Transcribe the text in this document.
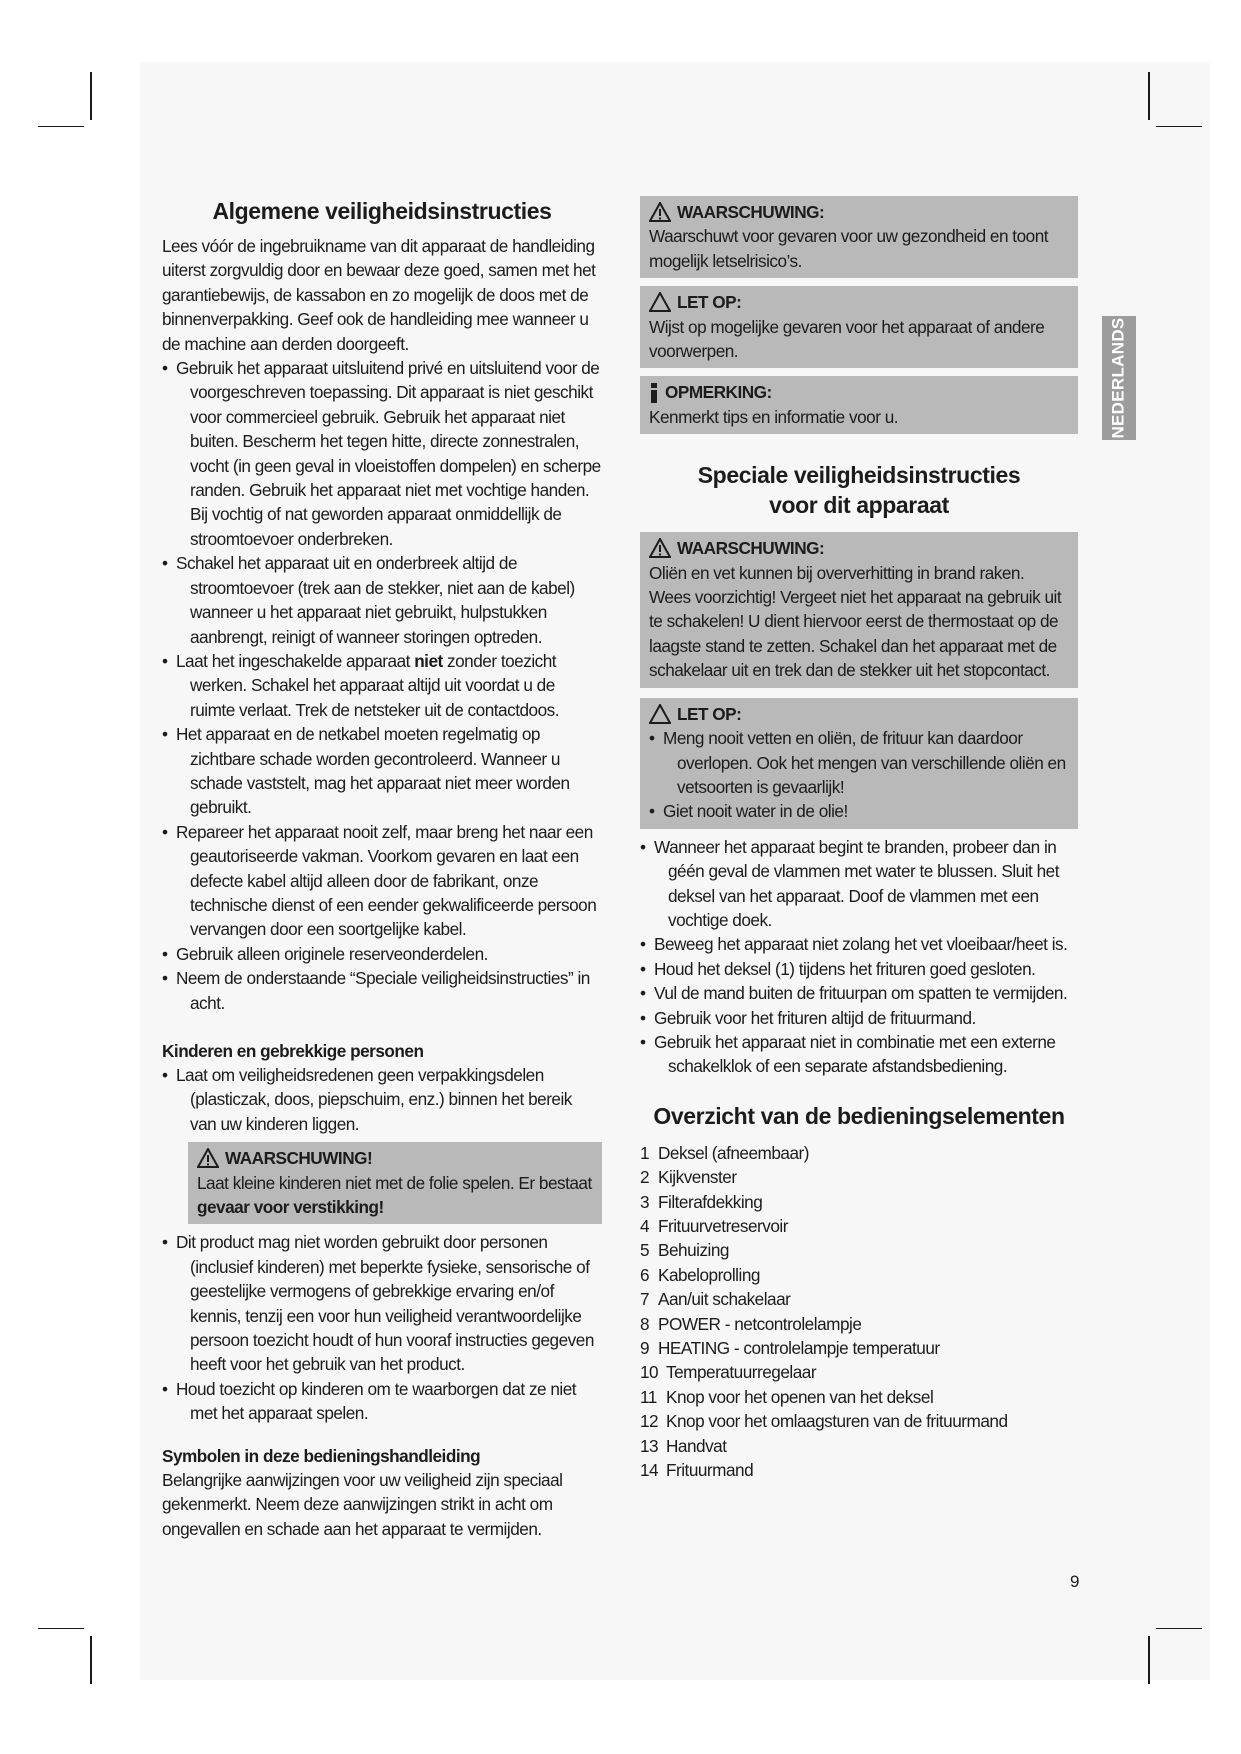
Algemene veiligheidsinstructies

Lees vóór de ingebruikname van dit apparaat de handleiding uiterst zorgvuldig door en bewaar deze goed, samen met het garantiebewijs, de kassabon en zo mogelijk de doos met de binnenverpakking. Geef ook de handleiding mee wanneer u de machine aan derden doorgeeft.

• Gebruik het apparaat uitsluitend privé en uitsluitend voor de voorgeschreven toepassing. Dit apparaat is niet geschikt voor commercieel gebruik. Gebruik het apparaat niet buiten. Bescherm het tegen hitte, directe zonnestralen, vocht (in geen geval in vloeistoffen dompelen) en scherpe randen. Gebruik het apparaat niet met vochtige handen. Bij vochtig of nat geworden apparaat onmiddellijk de stroomtoevoer onderbreken.
• Schakel het apparaat uit en onderbreek altijd de stroomtoevoer (trek aan de stekker, niet aan de kabel) wanneer u het apparaat niet gebruikt, hulpstukken aanbrengt, reinigt of wanneer storingen optreden.
• Laat het ingeschakelde apparaat niet zonder toezicht werken. Schakel het apparaat altijd uit voordat u de ruimte verlaat. Trek de netsteker uit de contactdoos.
• Het apparaat en de netkabel moeten regelmatig op zichtbare schade worden gecontroleerd. Wanneer u schade vaststelt, mag het apparaat niet meer worden gebruikt.
• Repareer het apparaat nooit zelf, maar breng het naar een geautoriseerde vakman. Voorkom gevaren en laat een defecte kabel altijd alleen door de fabrikant, onze technische dienst of een eender gekwalificeerde persoon vervangen door een soortgelijke kabel.
• Gebruik alleen originele reserveonderdelen.
• Neem de onderstaande “Speciale veiligheidsinstructies” in acht.
Kinderen en gebrekkige personen
• Laat om veiligheidsredenen geen verpakkingsdelen (plasticzak, doos, piepschuim, enz.) binnen het bereik van uw kinderen liggen.
WAARSCHUWING!

Laat kleine kinderen niet met de folie spelen. Er bestaat gevaar voor verstikking!

• Dit product mag niet worden gebruikt door personen (inclusief kinderen) met beperkte fysieke, sensorische of geestelijke vermogens of gebrekkige ervaring en/of kennis, tenzij een voor hun veiligheid verantwoordelijke persoon toezicht houdt of hun vooraf instructies gegeven heeft voor het gebruik van het product.
• Houd toezicht op kinderen om te waarborgen dat ze niet met het apparaat spelen.
Symbolen in deze bedieningshandleiding

Belangrijke aanwijzingen voor uw veiligheid zijn speciaal gekenmerkt. Neem deze aanwijzingen strikt in acht om ongevallen en schade aan het apparaat te vermijden.

WAARSCHUWING:

Waarschuwt voor gevaren voor uw gezondheid en toont mogelijk letselrisico’s.

LET OP:

Wijst op mogelijke gevaren voor het apparaat of andere voorwerpen.

OPMERKING:

Kenmerkt tips en informatie voor u.

Speciale veiligheidsinstructies
voor dit apparaat
WAARSCHUWING:

Oliën en vet kunnen bij oververhitting in brand raken. Wees voorzichtig! Vergeet niet het apparaat na gebruik uit te schakelen! U dient hiervoor eerst de thermostaat op de laagste stand te zetten. Schakel dan het apparaat met de schakelaar uit en trek dan de stekker uit het stopcontact.

LET OP:
• Meng nooit vetten en oliën, de frituur kan daardoor overlopen. Ook het mengen van verschillende oliën en vetsoorten is gevaarlijk!
• Giet nooit water in de olie!
• Wanneer het apparaat begint te branden, probeer dan in géén geval de vlammen met water te blussen. Sluit het deksel van het apparaat. Doof de vlammen met een vochtige doek.
• Beweeg het apparaat niet zolang het vet vloeibaar/heet is.
• Houd het deksel (1) tijdens het frituren goed gesloten.
• Vul de mand buiten de frituurpan om spatten te vermijden.
• Gebruik voor het frituren altijd de frituurmand.
• Gebruik het apparaat niet in combinatie met een externe schakelklok of een separate afstandsbediening.
Overzicht van de bedieningselementen
1 Deksel (afneembaar)
2 Kijkvenster
3 Filterafdekking
4 Frituurvetreservoir
5 Behuizing
6 Kabeloprolling
7 Aan/uit schakelaar
8 POWER - netcontrolelampje
9 HEATING - controlelampje temperatuur
10 Temperatuurregelaar
11 Knop voor het openen van het deksel
12 Knop voor het omlaagsturen van de frituurmand
13 Handvat
14 Frituurmand
NEDERLANDS
9
